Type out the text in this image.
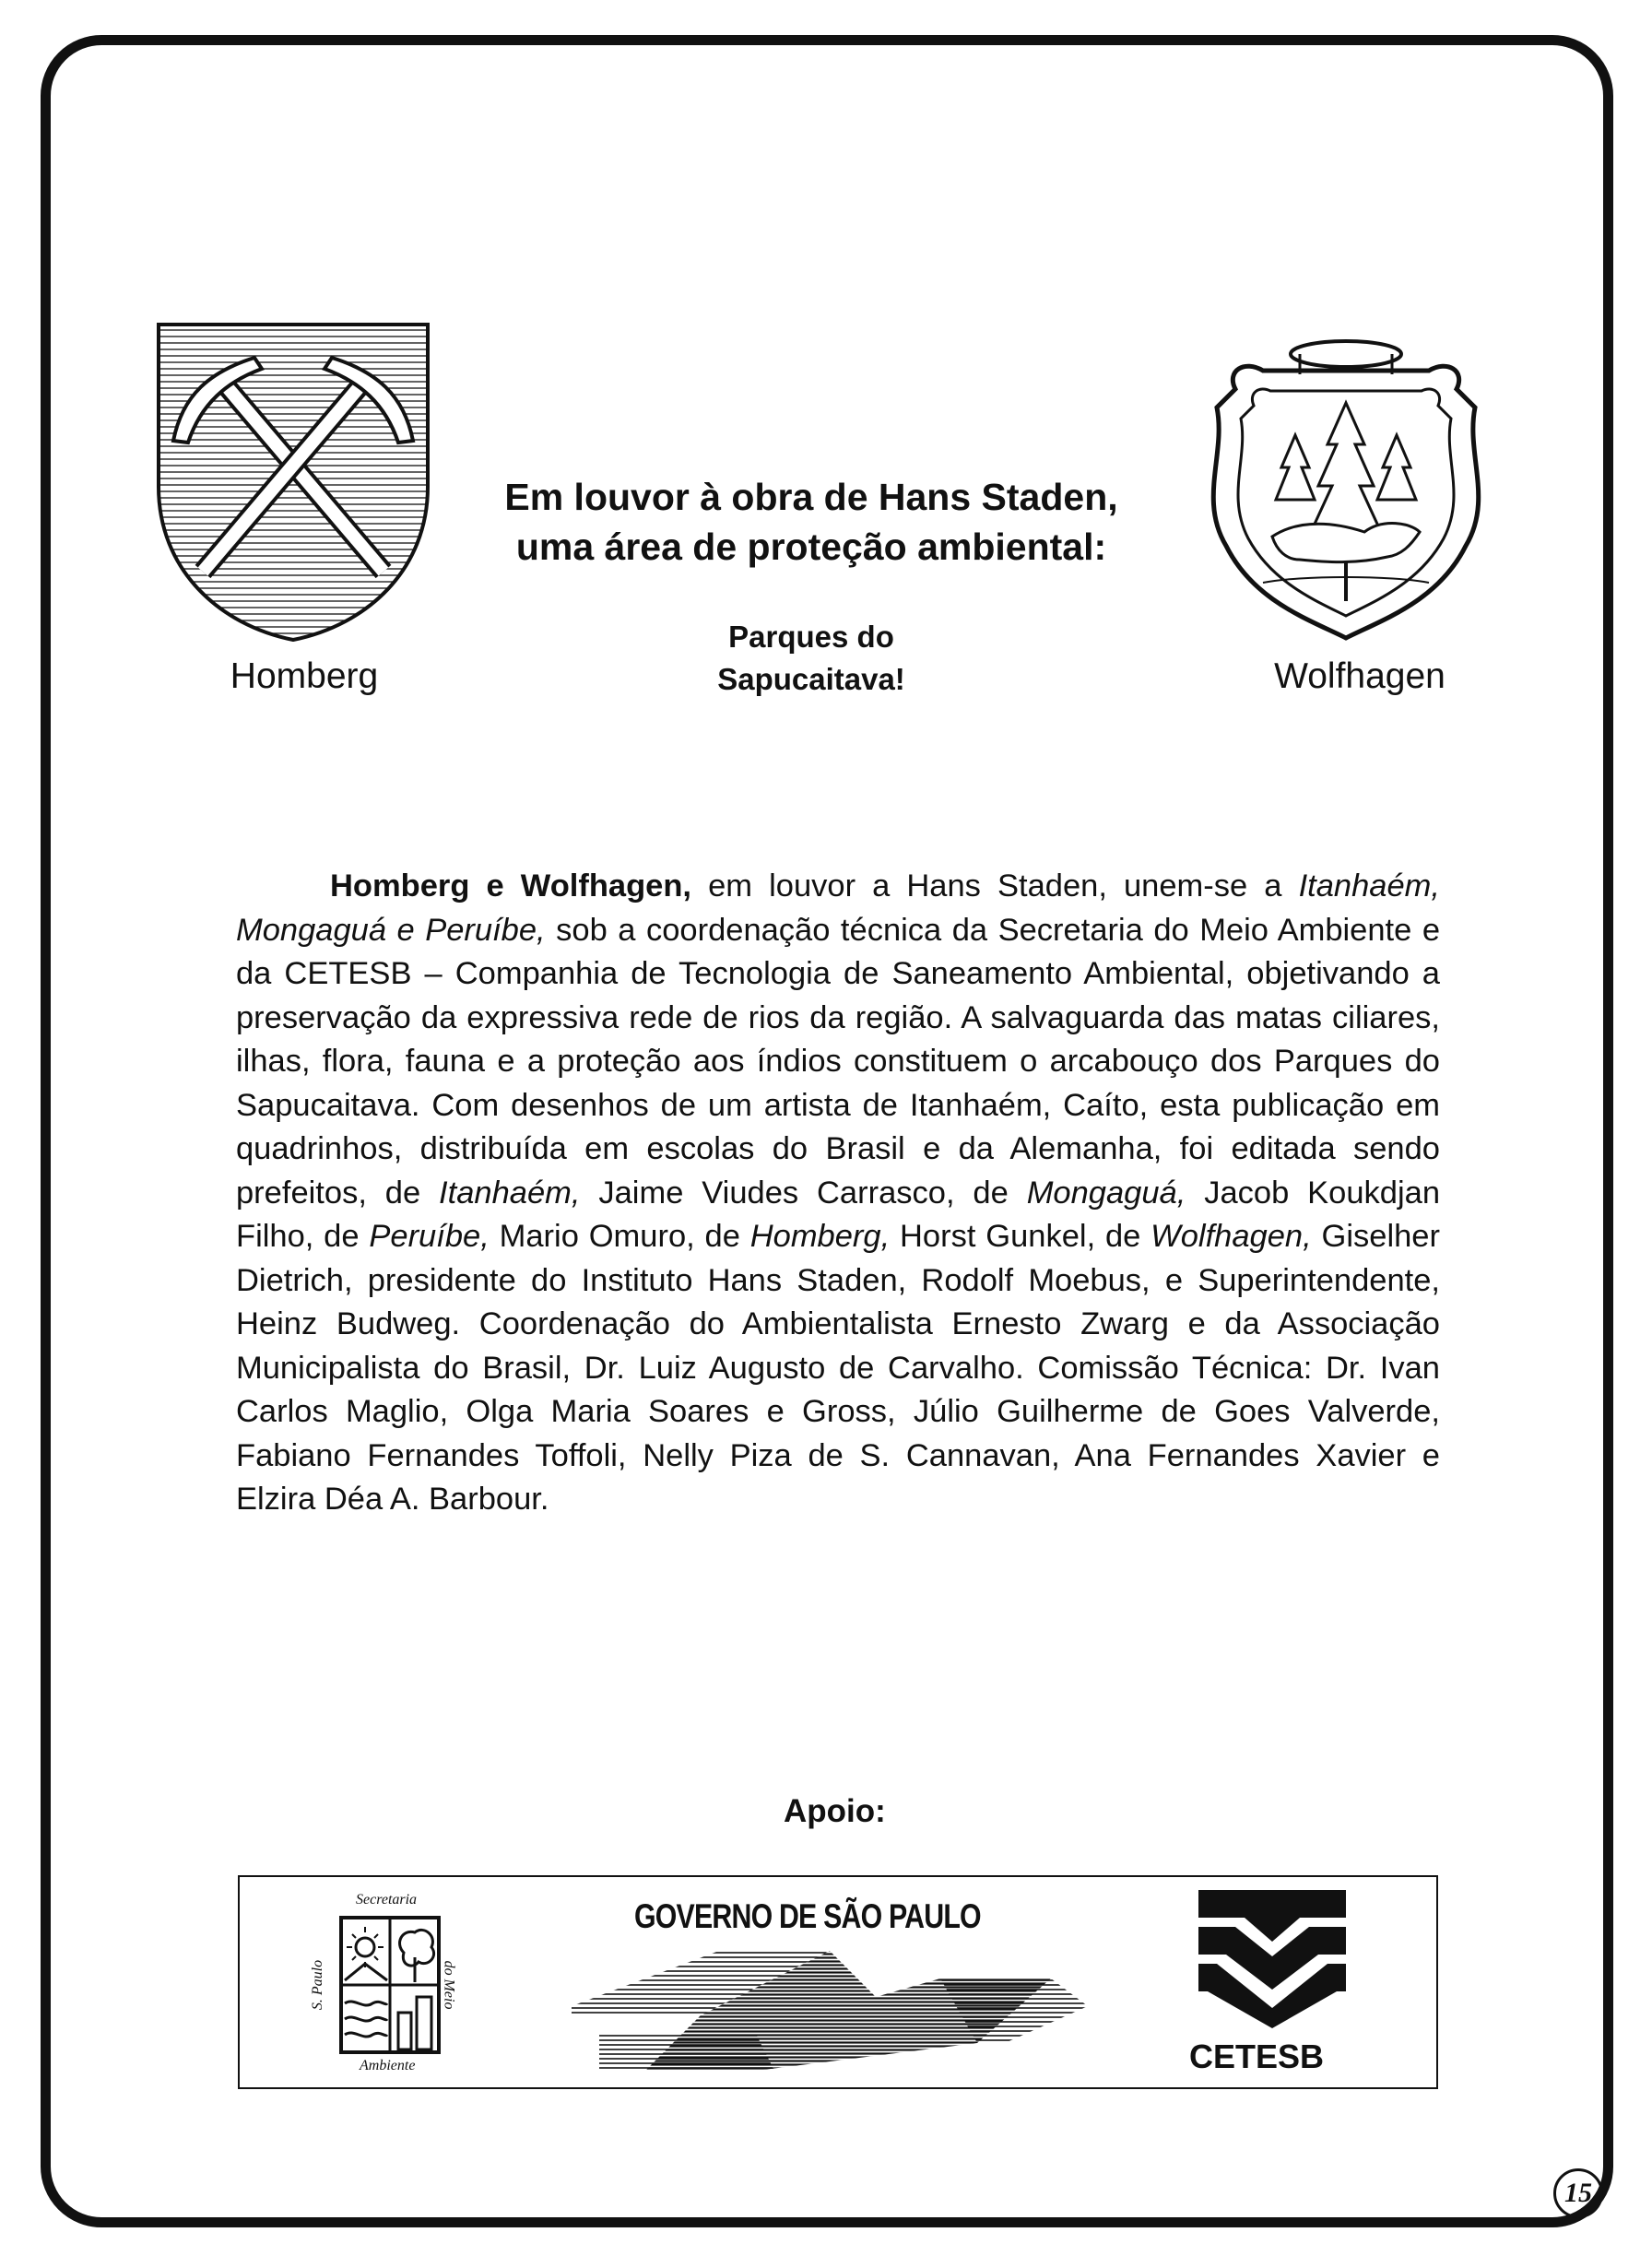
Homberg	Wolfhagen
Em louvor à obra de Hans Staden,
uma área de proteção ambiental:
Parques do
Sapucaitava!

Homberg e Wolfhagen, em louvor a Hans Staden, unem-se a Itanhaém, Mongaguá e Peruíbe, sob a coordenação técnica da Secretaria do Meio Ambiente e da CETESB – Companhia de Tecnologia de Saneamento Ambiental, objetivando a preservação da expressiva rede de rios da região. A salvaguarda das matas ciliares, ilhas, flora, fauna e a proteção aos índios constituem o arcabouço dos Parques do Sapucaitava. Com desenhos de um artista de Itanhaém, Caíto, esta publicação em quadrinhos, distribuída em escolas do Brasil e da Alemanha, foi editada sendo prefeitos, de Itanhaém, Jaime Viudes Carrasco, de Mongaguá, Jacob Koukdjan Filho, de Peruíbe, Mario Omuro, de Homberg, Horst Gunkel, de Wolfhagen, Giselher Dietrich, presidente do Instituto Hans Staden, Rodolf Moebus, e Superintendente, Heinz Budweg. Coordenação do Ambientalista Ernesto Zwarg e da Associação Municipalista do Brasil, Dr. Luiz Augusto de Carvalho. Comissão Técnica: Dr. Ivan Carlos Maglio, Olga Maria Soares e Gross, Júlio Guilherme de Goes Valverde, Fabiano Fernandes Toffoli, Nelly Piza de S. Cannavan, Ana Fernandes Xavier e Elzira Déa A. Barbour.

Apoio:
Secretaria
S. Paulo	do Meio
Ambiente
GOVERNO DE SÃO PAULO
CETESB
15
